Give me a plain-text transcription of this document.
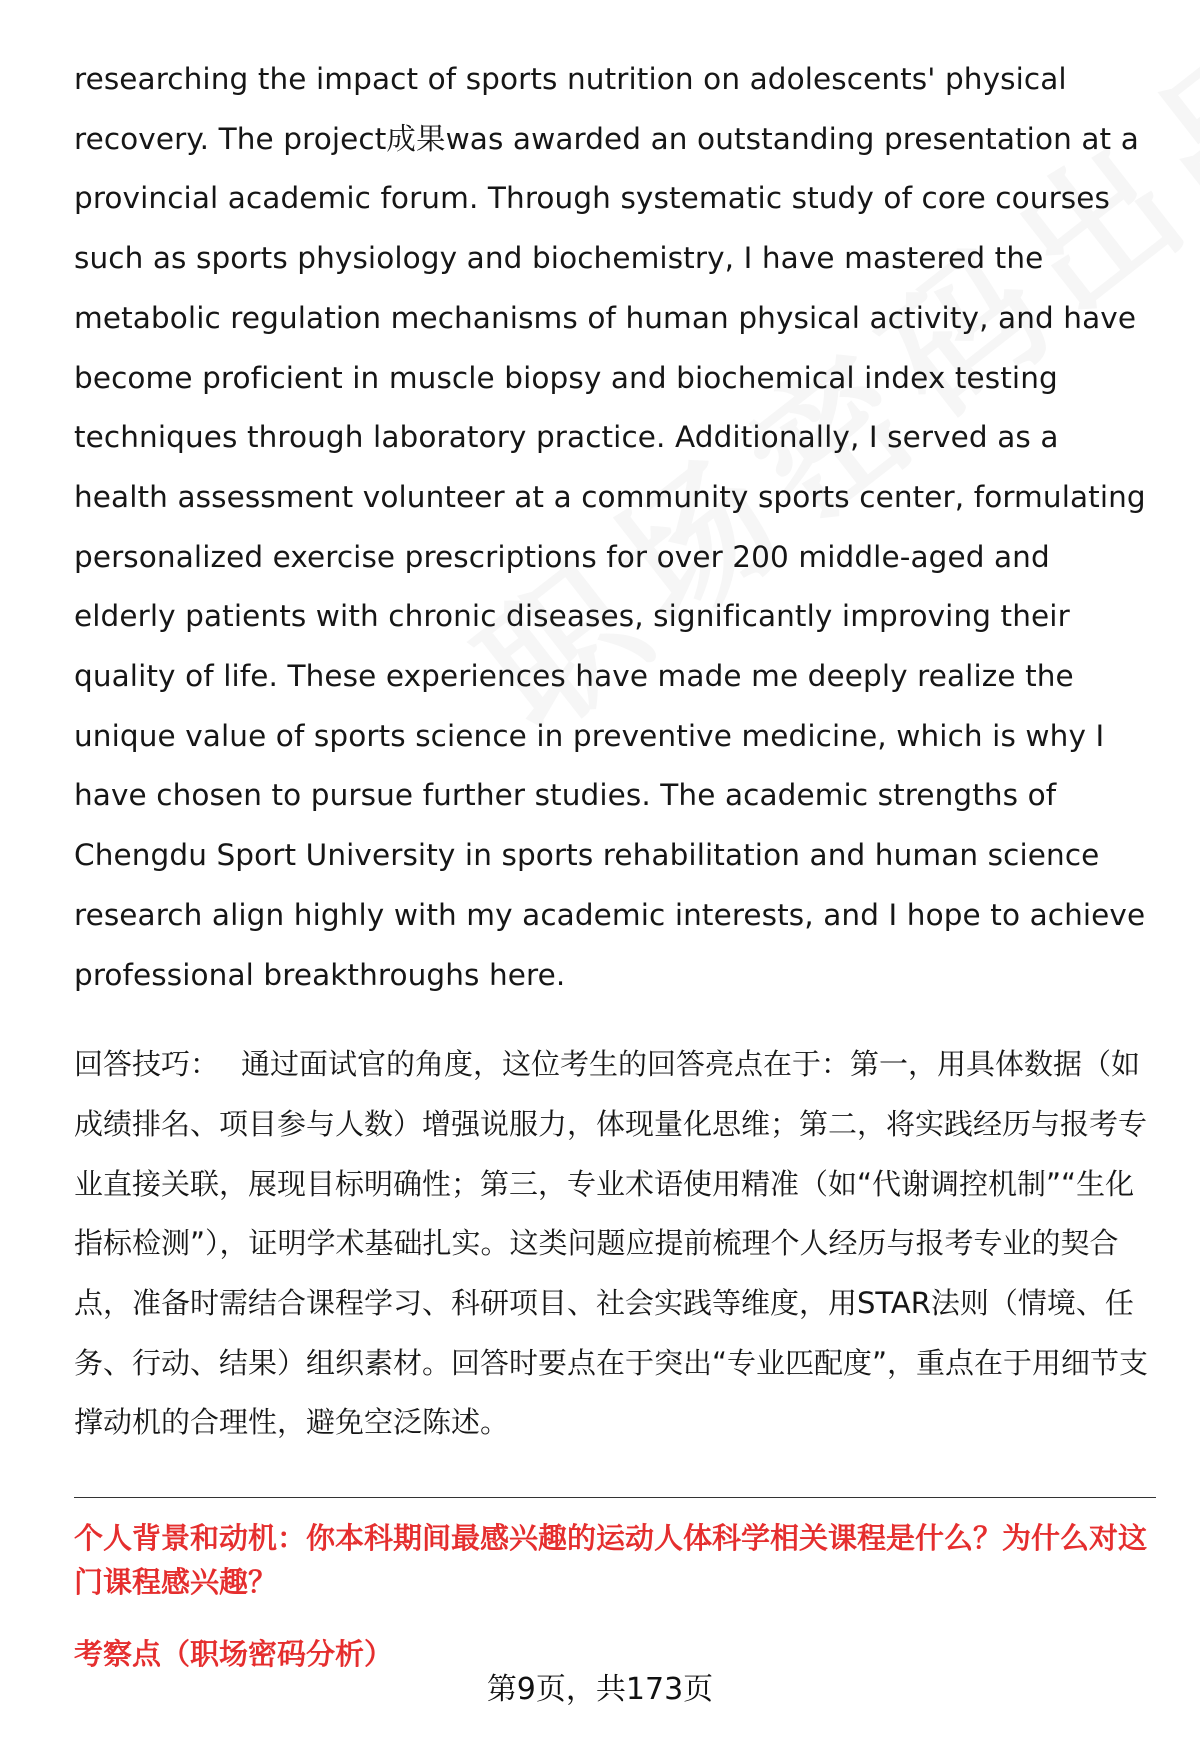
researching the impact of sports nutrition on adolescents' physical recovery. The project成果was awarded an outstanding presentation at a provincial academic forum. Through systematic study of core courses such as sports physiology and biochemistry, I have mastered the metabolic regulation mechanisms of human physical activity, and have become proficient in muscle biopsy and biochemical index testing techniques through laboratory practice. Additionally, I served as a health assessment volunteer at a community sports center, formulating personalized exercise prescriptions for over 200 middle-aged and elderly patients with chronic diseases, significantly improving their quality of life. These experiences have made me deeply realize the unique value of sports science in preventive medicine, which is why I have chosen to pursue further studies. The academic strengths of Chengdu Sport University in sports rehabilitation and human science research align highly with my academic interests, and I hope to achieve professional breakthroughs here.

回答技巧： 通过面试官的角度，这位考生的回答亮点在于：第一，用具体数据（如成绩排名、项目参与人数）增强说服力，体现量化思维；第二，将实践经历与报考专业直接关联，展现目标明确性；第三，专业术语使用精准（如“代谢调控机制”“生化指标检测”），证明学术基础扎实。这类问题应提前梳理个人经历与报考专业的契合点，准备时需结合课程学习、科研项目、社会实践等维度，用STAR法则（情境、任务、行动、结果）组织素材。回答时要点在于突出“专业匹配度”，重点在于用细节支撑动机的合理性，避免空泛陈述。

个人背景和动机：你本科期间最感兴趣的运动人体科学相关课程是什么？为什么对这门课程感兴趣？

考察点（职场密码分析）

第9页，共173页
